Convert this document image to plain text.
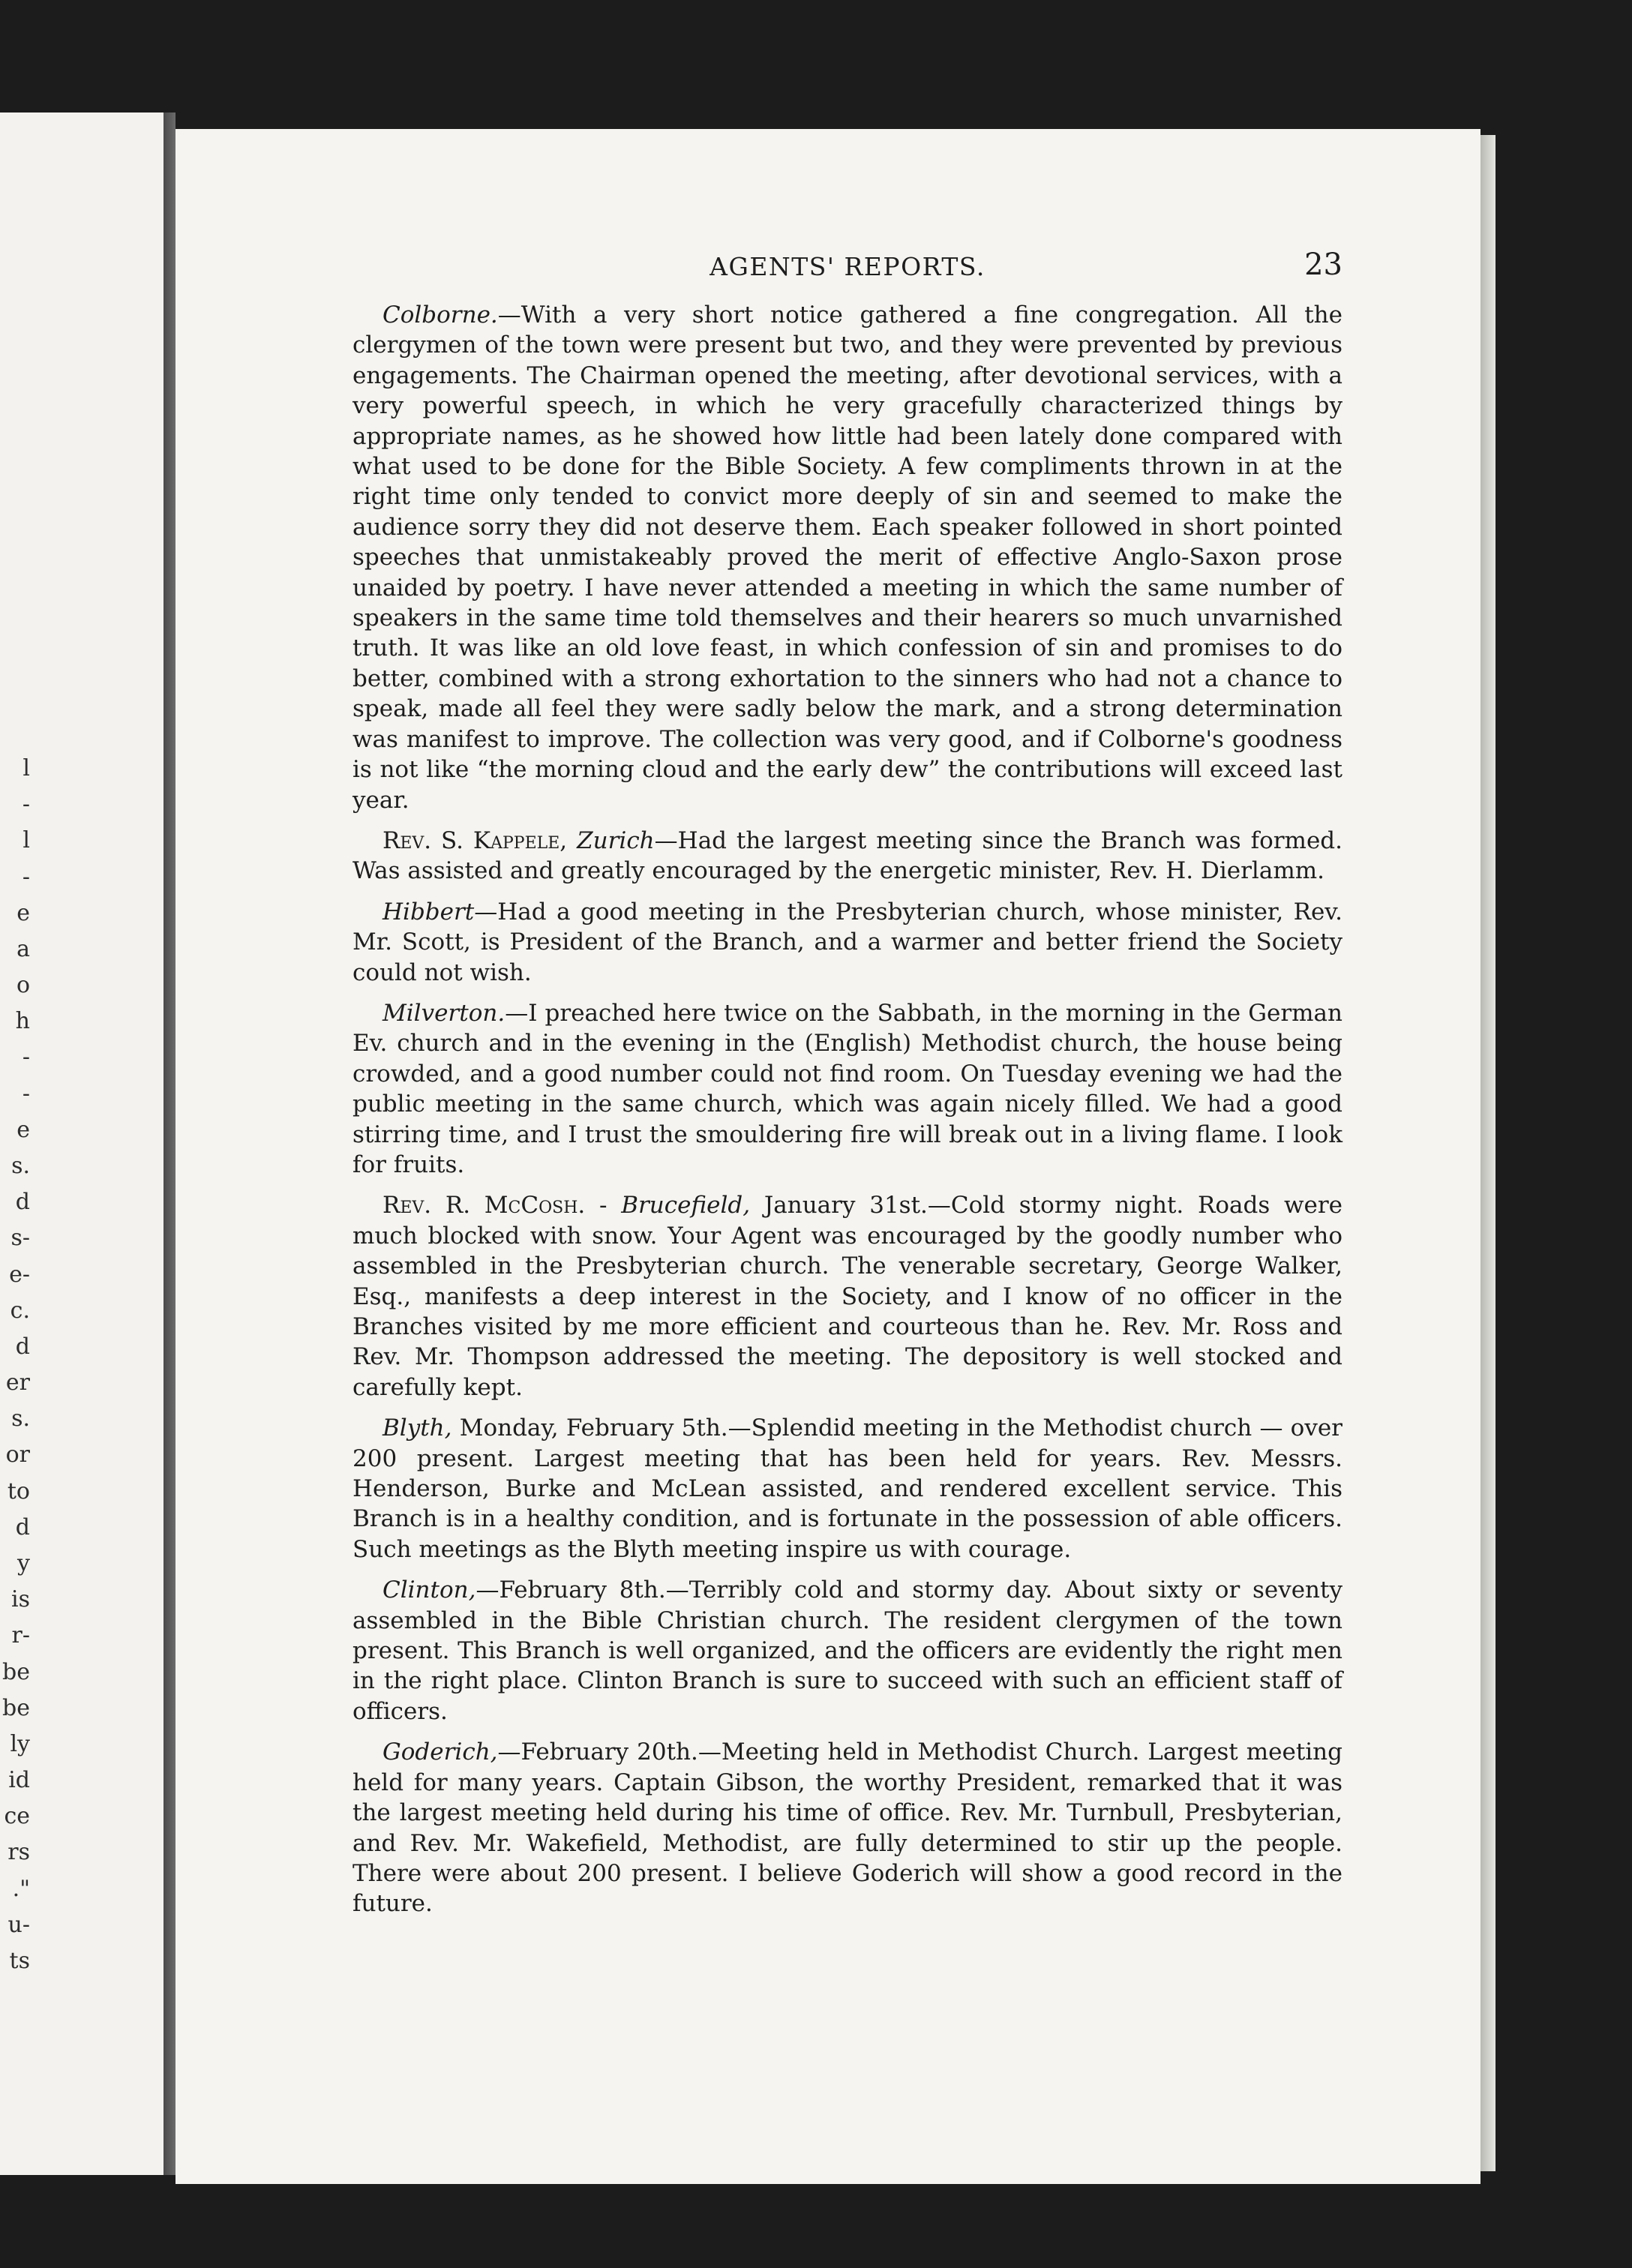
l
-
l
-
e
a
o
h
-
-
e
s.
d
s-
e-
c.
d
er
s.
or
to
d
y
is
r-
be
be
ly
id
ce
rs
."
u-
ts
AGENTS' REPORTS.	23

Colborne.—With a very short notice gathered a fine congregation. All the clergymen of the town were present but two, and they were prevented by previous engagements. The Chairman opened the meeting, after devotional services, with a very powerful speech, in which he very gracefully characterized things by appropriate names, as he showed how little had been lately done compared with what used to be done for the Bible Society. A few compliments thrown in at the right time only tended to convict more deeply of sin and seemed to make the audience sorry they did not deserve them. Each speaker followed in short pointed speeches that unmistakeably proved the merit of effective Anglo-Saxon prose unaided by poetry. I have never attended a meeting in which the same number of speakers in the same time told themselves and their hearers so much unvarnished truth. It was like an old love feast, in which confession of sin and promises to do better, combined with a strong exhortation to the sinners who had not a chance to speak, made all feel they were sadly below the mark, and a strong determination was manifest to improve. The collection was very good, and if Colborne's goodness is not like “the morning cloud and the early dew” the contributions will exceed last year.

Rev. S. Kappele, Zurich—Had the largest meeting since the Branch was formed. Was assisted and greatly encouraged by the energetic minister, Rev. H. Dierlamm.

Hibbert—Had a good meeting in the Presbyterian church, whose minister, Rev. Mr. Scott, is President of the Branch, and a warmer and better friend the Society could not wish.

Milverton.—I preached here twice on the Sabbath, in the morning in the German Ev. church and in the evening in the (English) Methodist church, the house being crowded, and a good number could not find room. On Tuesday evening we had the public meeting in the same church, which was again nicely filled. We had a good stirring time, and I trust the smouldering fire will break out in a living flame. I look for fruits.

Rev. R. McCosh. - Brucefield, January 31st.—Cold stormy night. Roads were much blocked with snow. Your Agent was encouraged by the goodly number who assembled in the Presbyterian church. The venerable secretary, George Walker, Esq., manifests a deep interest in the Society, and I know of no officer in the Branches visited by me more efficient and courteous than he. Rev. Mr. Ross and Rev. Mr. Thompson addressed the meeting. The depository is well stocked and carefully kept.

Blyth, Monday, February 5th.—Splendid meeting in the Methodist church — over 200 present. Largest meeting that has been held for years. Rev. Messrs. Henderson, Burke and McLean assisted, and rendered excellent service. This Branch is in a healthy condition, and is fortunate in the possession of able officers. Such meetings as the Blyth meeting inspire us with courage.

Clinton,—February 8th.—Terribly cold and stormy day. About sixty or seventy assembled in the Bible Christian church. The resident clergymen of the town present. This Branch is well organized, and the officers are evidently the right men in the right place. Clinton Branch is sure to succeed with such an efficient staff of officers.

Goderich,—February 20th.—Meeting held in Methodist Church. Largest meeting held for many years. Captain Gibson, the worthy President, remarked that it was the largest meeting held during his time of office. Rev. Mr. Turnbull, Presbyterian, and Rev. Mr. Wakefield, Methodist, are fully determined to stir up the people. There were about 200 present. I believe Goderich will show a good record in the future.
